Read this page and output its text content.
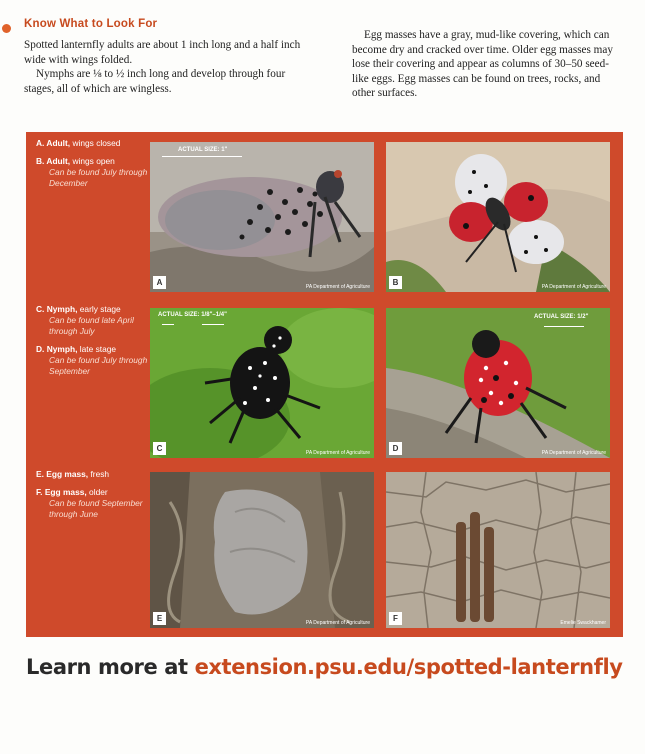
Know What to Look For

Spotted lanternfly adults are about 1 inch long and a half inch wide with wings folded.

Nymphs are ⅛ to ½ inch long and develop through four stages, all of which are wingless.

Egg masses have a gray, mud-like covering, which can become dry and cracked over time. Older egg masses may lose their covering and appear as columns of 30–50 seed-like eggs. Egg masses can be found on trees, rocks, and other surfaces.
A. Adult, wings closed
B. Adult, wings open
Can be found July through December
C. Nymph, early stage
Can be found late April through July
D. Nymph, late stage
Can be found July through September
E. Egg mass, fresh
F. Egg mass, older
Can be found September through June
ACTUAL SIZE: 1"
A	PA Department of Agriculture	B	PA Department of Agriculture
ACTUAL SIZE: 1/8"–1/4"
C	PA Department of Agriculture
ACTUAL SIZE: 1/2"
D	PA Department of Agriculture
E	PA Department of Agriculture	F	Emelie Swackhamer
Learn more at extension.psu.edu/spotted-lanternfly
